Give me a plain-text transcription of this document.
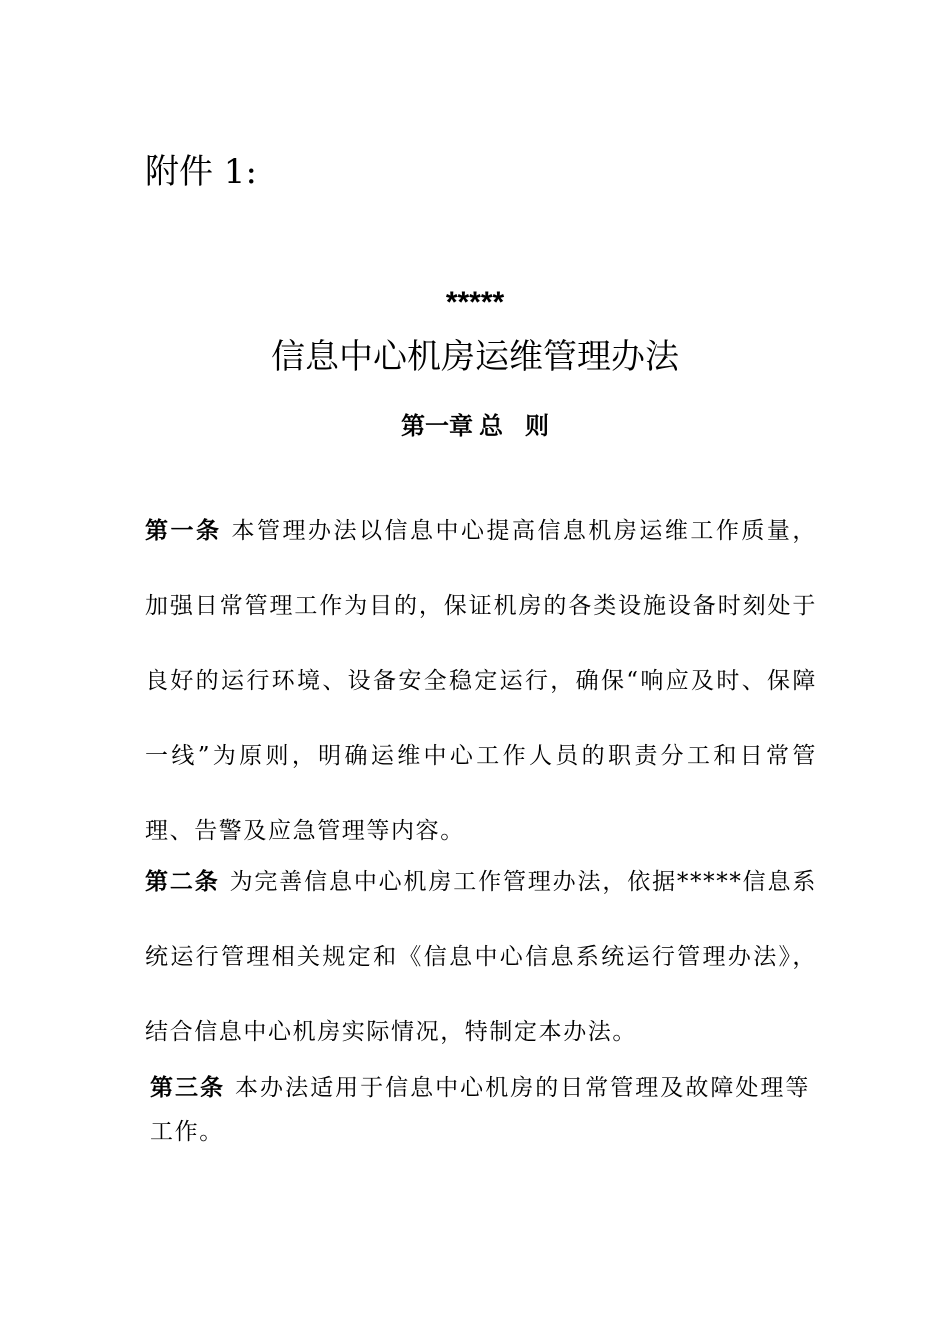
附件 1:
*****
信息中心机房运维管理办法
第一章 总 则
第一条 本管理办法以信息中心提高信息机房运维工作质量，加强日常管理工作为目的，保证机房的各类设施设备时刻处于良好的运行环境、设备安全稳定运行，确保“响应及时、保障一线”为原则，明确运维中心工作人员的职责分工和日常管理、告警及应急管理等内容。
第二条 为完善信息中心机房工作管理办法，依据*****信息系统运行管理相关规定和《信息中心信息系统运行管理办法》，结合信息中心机房实际情况，特制定本办法。
第三条 本办法适用于信息中心机房的日常管理及故障处理等工作。
